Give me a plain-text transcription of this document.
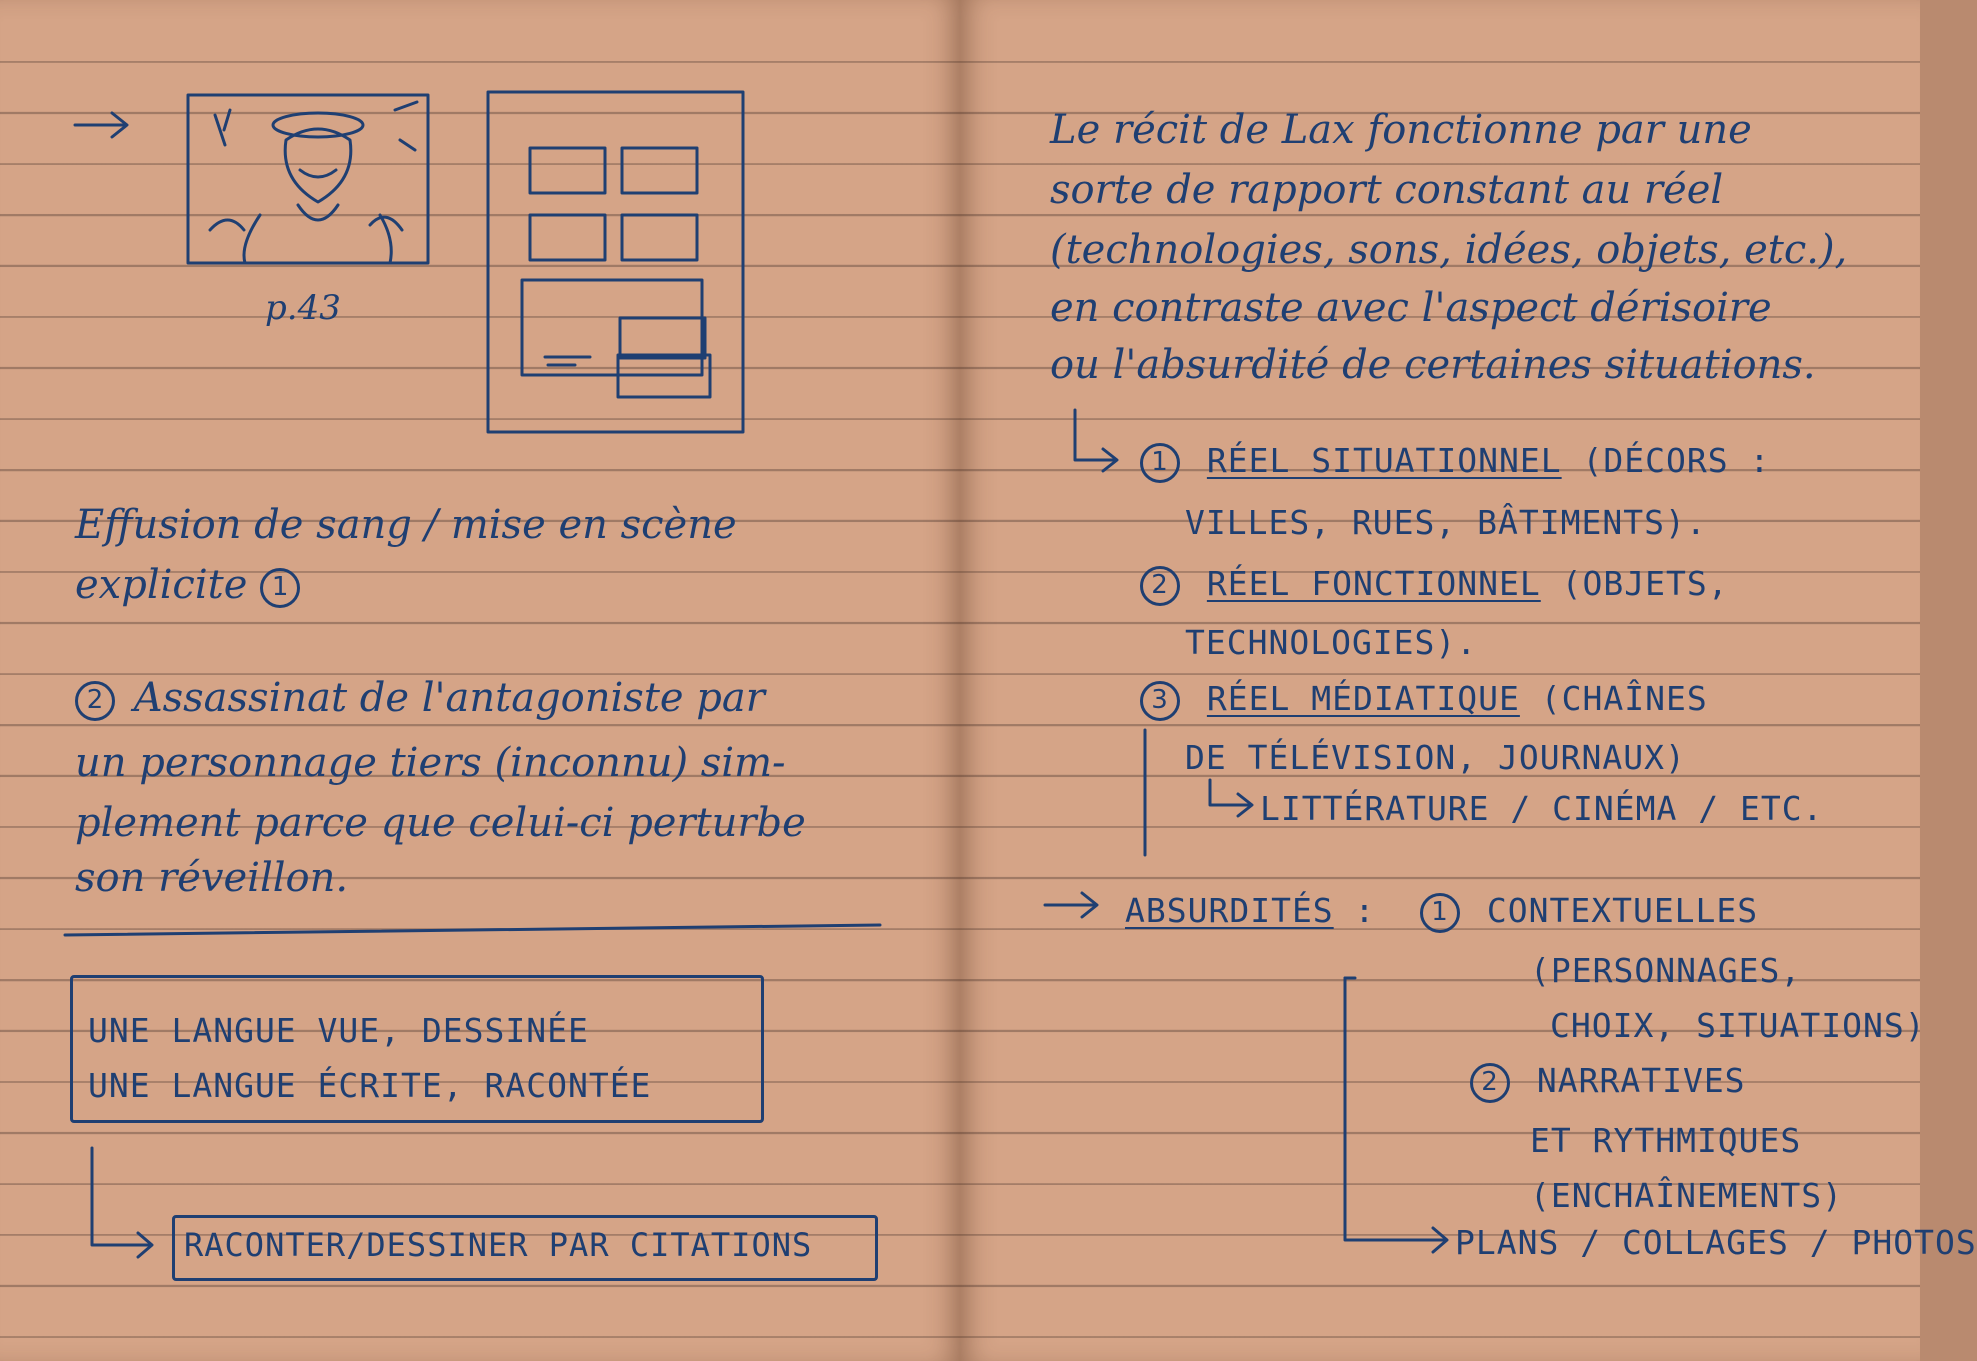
p.43
Effusion de sang / mise en scène
explicite 1
2 Assassinat de l'antagoniste par
un personnage tiers (inconnu) sim-
plement parce que celui-ci perturbe
son réveillon.
UNE LANGUE VUE, DESSINÉE
UNE LANGUE ÉCRITE, RACONTÉE
RACONTER/DESSINER PAR CITATIONS
Le récit de Lax fonctionne par une
sorte de rapport constant au réel
(technologies, sons, idées, objets, etc.),
en contraste avec l'aspect dérisoire
ou l'absurdité de certaines situations.
1 RÉEL SITUATIONNEL (DÉCORS :
VILLES, RUES, BÂTIMENTS).
2 RÉEL FONCTIONNEL (OBJETS,
TECHNOLOGIES).
3 RÉEL MÉDIATIQUE (CHAÎNES
DE TÉLÉVISION, JOURNAUX)
LITTÉRATURE / CINÉMA / ETC.
ABSURDITÉS :	1 CONTEXTUELLES
(PERSONNAGES,
CHOIX, SITUATIONS)
2 NARRATIVES
ET RYTHMIQUES
(ENCHAÎNEMENTS)
PLANS / COLLAGES / PHOTOS
